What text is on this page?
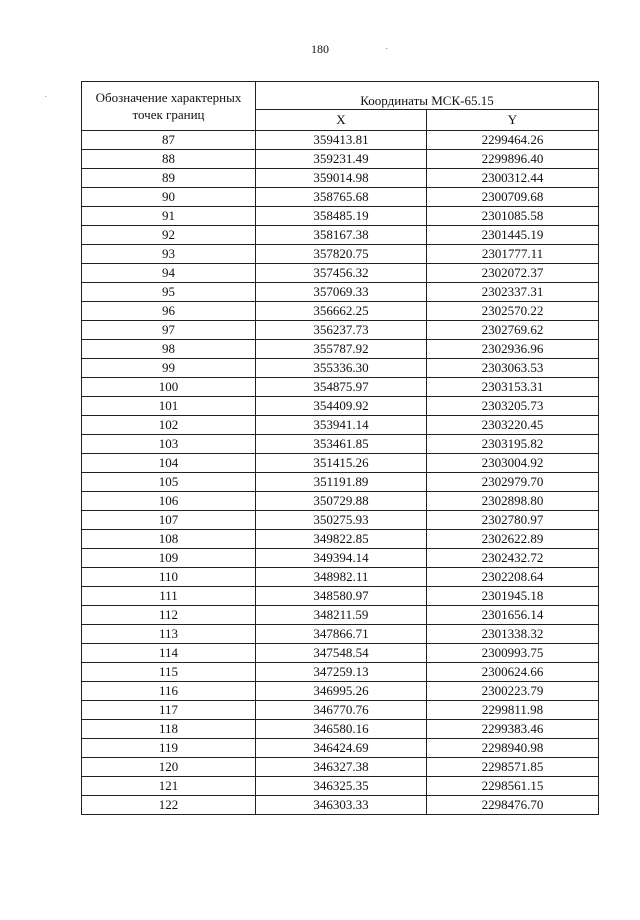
180	·
·	Обозначение характерных точек границ	Координаты МСК-65.15	
	X	Y
87	359413.81	2299464.26
88	359231.49	2299896.40
89	359014.98	2300312.44
90	358765.68	2300709.68
91	358485.19	2301085.58
92	358167.38	2301445.19
93	357820.75	2301777.11
94	357456.32	2302072.37
95	357069.33	2302337.31
96	356662.25	2302570.22
97	356237.73	2302769.62
98	355787.92	2302936.96
99	355336.30	2303063.53
100	354875.97	2303153.31
101	354409.92	2303205.73
102	353941.14	2303220.45
103	353461.85	2303195.82
104	351415.26	2303004.92
105	351191.89	2302979.70
106	350729.88	2302898.80
107	350275.93	2302780.97
108	349822.85	2302622.89
109	349394.14	2302432.72
110	348982.11	2302208.64
111	348580.97	2301945.18
112	348211.59	2301656.14
113	347866.71	2301338.32
114	347548.54	2300993.75
115	347259.13	2300624.66
116	346995.26	2300223.79
117	346770.76	2299811.98
118	346580.16	2299383.46
119	346424.69	2298940.98
120	346327.38	2298571.85
121	346325.35	2298561.15
122	346303.33	2298476.70
